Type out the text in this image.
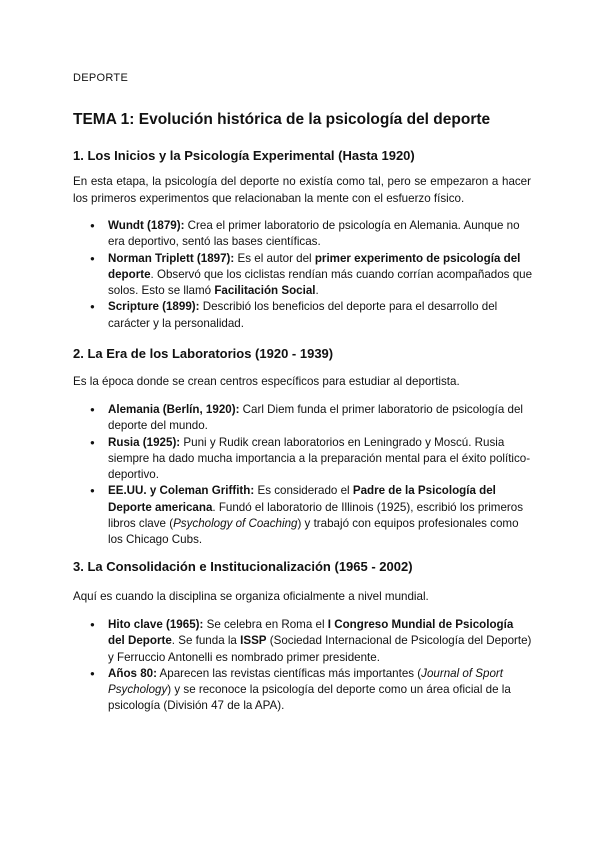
DEPORTE
TEMA 1: Evolución histórica de la psicología del deporte
1. Los Inicios y la Psicología Experimental (Hasta 1920)

En esta etapa, la psicología del deporte no existía como tal, pero se empezaron a hacer los primeros experimentos que relacionaban la mente con el esfuerzo físico.

● Wundt (1879): Crea el primer laboratorio de psicología en Alemania. Aunque no era deportivo, sentó las bases científicas.
● Norman Triplett (1897): Es el autor del primer experimento de psicología del deporte. Observó que los ciclistas rendían más cuando corrían acompañados que solos. Esto se llamó Facilitación Social.
● Scripture (1899): Describió los beneficios del deporte para el desarrollo del carácter y la personalidad.
2. La Era de los Laboratorios (1920 - 1939)

Es la época donde se crean centros específicos para estudiar al deportista.

● Alemania (Berlín, 1920): Carl Diem funda el primer laboratorio de psicología del deporte del mundo.
● Rusia (1925): Puni y Rudik crean laboratorios en Leningrado y Moscú. Rusia siempre ha dado mucha importancia a la preparación mental para el éxito político-deportivo.
● EE.UU. y Coleman Griffith: Es considerado el Padre de la Psicología del Deporte americana. Fundó el laboratorio de Illinois (1925), escribió los primeros libros clave (Psychology of Coaching) y trabajó con equipos profesionales como los Chicago Cubs.
3. La Consolidación e Institucionalización (1965 - 2002)

Aquí es cuando la disciplina se organiza oficialmente a nivel mundial.

● Hito clave (1965): Se celebra en Roma el I Congreso Mundial de Psicología del Deporte. Se funda la ISSP (Sociedad Internacional de Psicología del Deporte) y Ferruccio Antonelli es nombrado primer presidente.
● Años 80: Aparecen las revistas científicas más importantes (Journal of Sport Psychology) y se reconoce la psicología del deporte como un área oficial de la psicología (División 47 de la APA).
